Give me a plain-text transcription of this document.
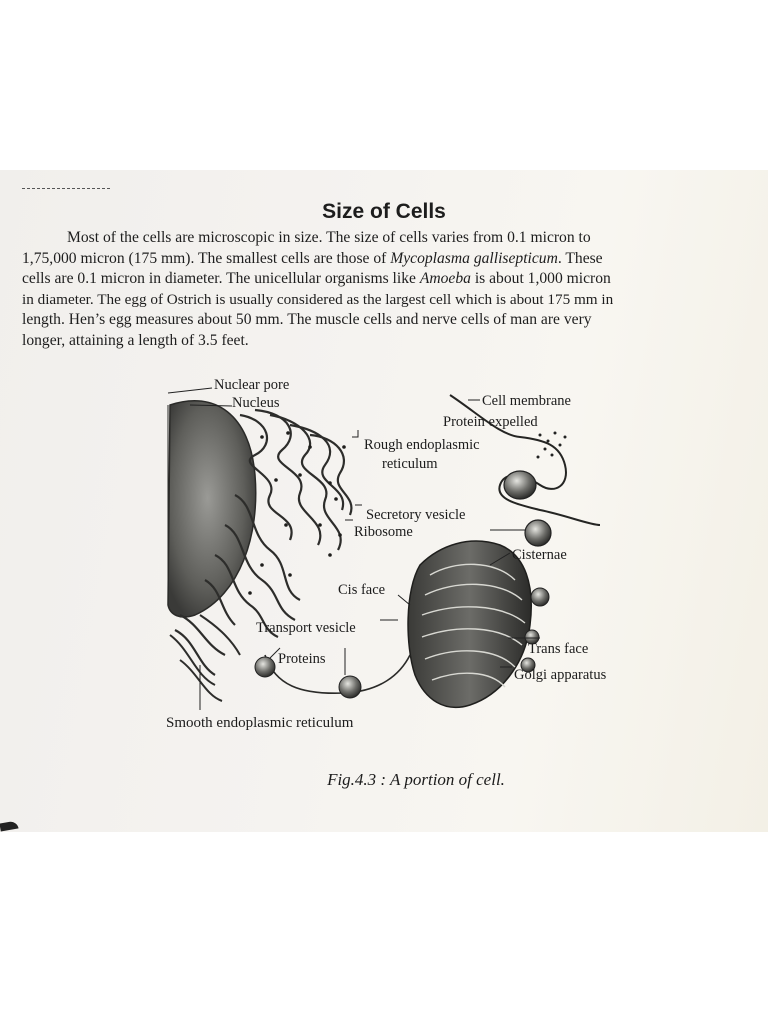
Size of Cells
Most of the cells are microscopic in size. The size of cells varies from 0.1 micron to
1,75,000 micron (175 mm). The smallest cells are those of Mycoplasma gallisepticum. These
cells are 0.1 micron in diameter. The unicellular organisms like Amoeba is about 1,000 micron
in diameter. The egg of Ostrich is usually considered as the largest cell which is about 175 mm in
length. Hen’s egg measures about 50 mm. The muscle cells and nerve cells of man are very
longer, attaining a length of 3.5 feet.
Nuclear pore
Nucleus	Cell membrane
Protein expelled
Rough endoplasmic
reticulum
Secretory vesicle
Ribosome
Cisternae
Cis face
Transport vesicle
Proteins
Trans face
Golgi apparatus
Smooth endoplasmic reticulum
Fig.4.3 : A portion of cell.
